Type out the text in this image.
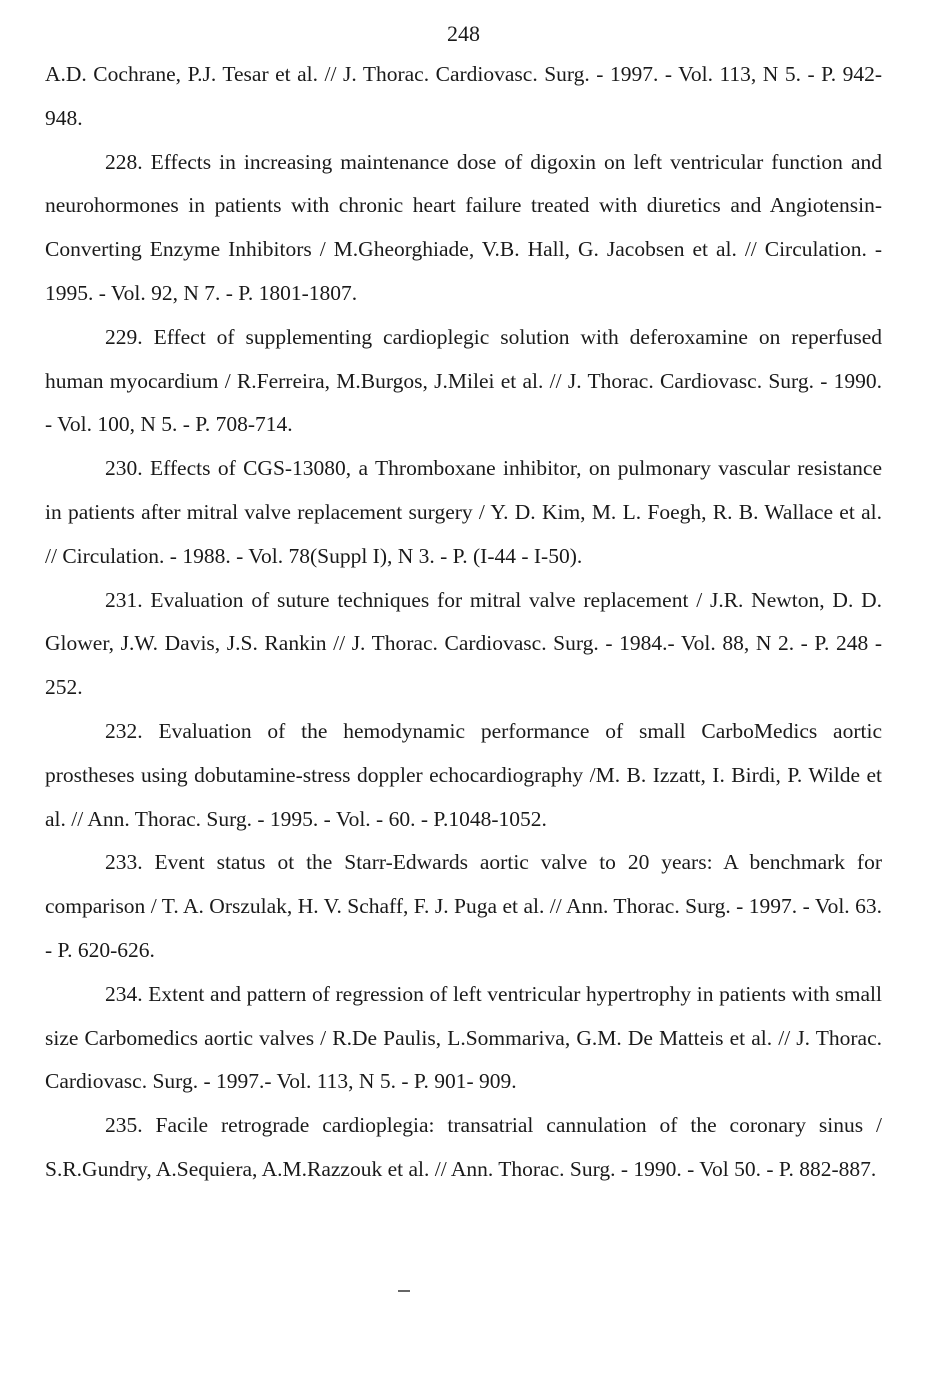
248

A.D. Cochrane, P.J. Tesar et al. // J. Thorac. Cardiovasc. Surg. - 1997. - Vol. 113, N 5. - P. 942-948.

228. Effects in increasing maintenance dose of digoxin on left ventricular function and neurohormones in patients with chronic heart failure treated with diuretics and Angiotensin-Converting Enzyme Inhibitors / M.Gheorghiade, V.B. Hall, G. Jacobsen et al. // Circulation. - 1995. - Vol. 92, N 7. - P. 1801-1807.

229. Effect of supplementing cardioplegic solution with deferoxamine on reperfused human myocardium / R.Ferreira, M.Burgos, J.Milei et al. // J. Thorac. Cardiovasc. Surg. - 1990. - Vol. 100, N 5. - P. 708-714.

230. Effects of CGS-13080, a Thromboxane inhibitor, on pulmonary vascular resistance in patients after mitral valve replacement surgery / Y. D. Kim, M. L. Foegh, R. B. Wallace et al. // Circulation. - 1988. - Vol. 78(Suppl I), N 3. - P. (I-44 - I-50).

231. Evaluation of suture techniques for mitral valve replacement / J.R. Newton, D. D. Glower, J.W. Davis, J.S. Rankin // J. Thorac. Cardiovasc. Surg. - 1984.- Vol. 88, N 2. - P. 248 - 252.

232. Evaluation of the hemodynamic performance of small CarboMedics aortic prostheses using dobutamine-stress doppler echocardiography /M. B. Izzatt, I. Birdi, P. Wilde et al. // Ann. Thorac. Surg. - 1995. - Vol. - 60. - P.1048-1052.

233. Event status ot the Starr-Edwards aortic valve to 20 years: A benchmark for comparison / T. A. Orszulak, H. V. Schaff, F. J. Puga et al. // Ann. Thorac. Surg. - 1997. - Vol. 63. - P. 620-626.

234. Extent and pattern of regression of left ventricular hypertrophy in patients with small size Carbomedics aortic valves / R.De Paulis, L.Sommariva, G.M. De Matteis et al. // J. Thorac. Cardiovasc. Surg. - 1997.- Vol. 113, N 5. - P. 901- 909.

235. Facile retrograde cardioplegia: transatrial cannulation of the coronary sinus / S.R.Gundry, A.Sequiera, A.M.Razzouk et al. // Ann. Thorac. Surg. - 1990. - Vol 50. - P. 882-887.
